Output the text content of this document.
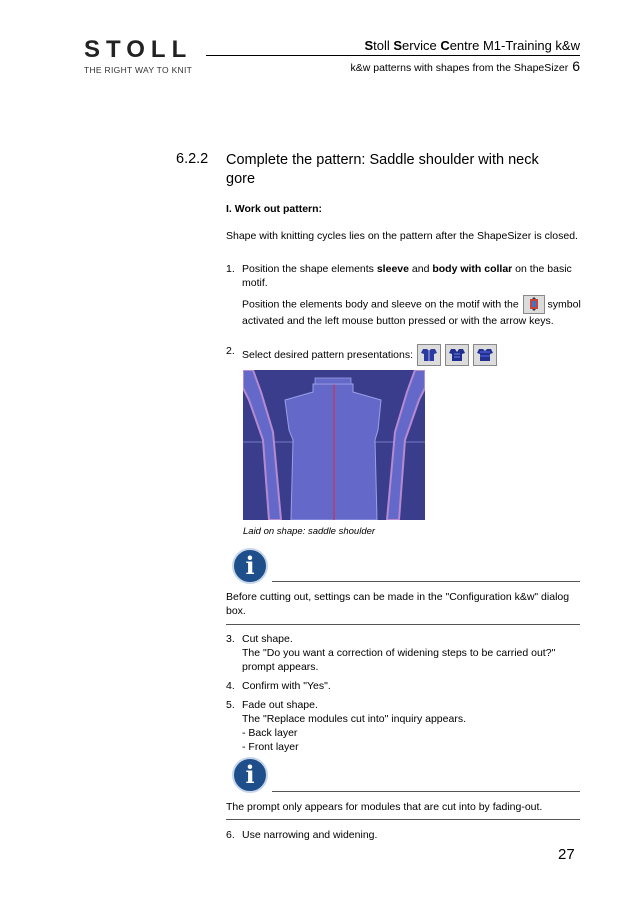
STOLL
THE RIGHT WAY TO KNIT
Stoll Service Centre M1-Training k&w
k&w patterns with shapes from the ShapeSizer 6
6.2.2 Complete the pattern: Saddle shoulder with neck gore
I. Work out pattern:
Shape with knitting cycles lies on the pattern after the ShapeSizer is closed.
1. Position the shape elements sleeve and body with collar on the basic motif.
Position the elements body and sleeve on the motif with the
symbol activated and the left mouse button pressed or with the arrow keys.
2. Select desired pattern presentations:

Laid on shape: saddle shoulder
i
Before cutting out, settings can be made in the "Configuration k&w" dialog box.
3. Cut shape.
The "Do you want a correction of widening steps to be carried out?" prompt appears.
4. Confirm with "Yes".
5. Fade out shape.
The "Replace modules cut into" inquiry appears.
- Back layer
- Front layer
i
The prompt only appears for modules that are cut into by fading-out.
6. Use narrowing and widening.
27
